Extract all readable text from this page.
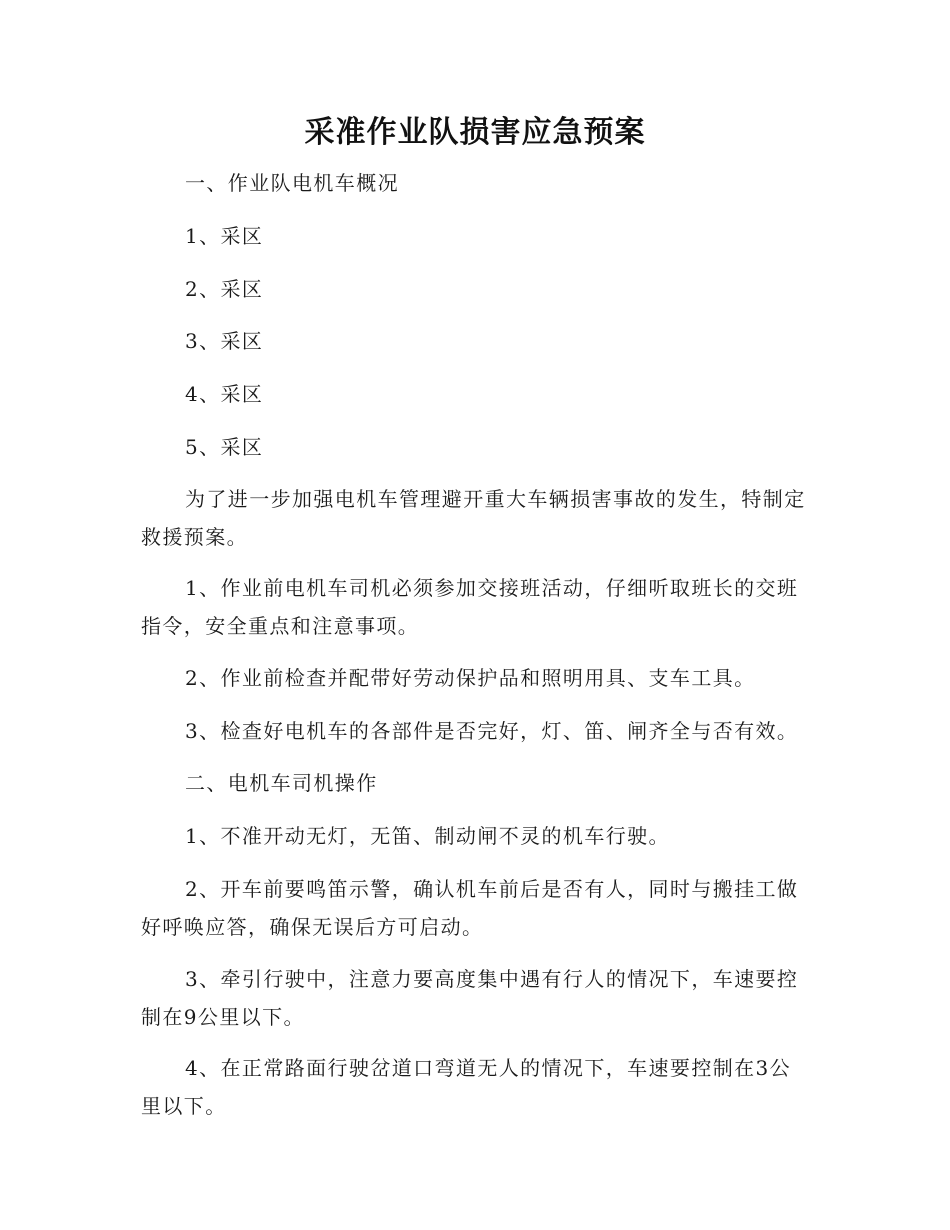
采准作业队损害应急预案

一、作业队电机车概况

1、采区

2、采区

3、采区

4、采区

5、采区

为了进一步加强电机车管理避开重大车辆损害事故的发生，特制定救援预案。

1、作业前电机车司机必须参加交接班活动，仔细听取班长的交班指令，安全重点和注意事项。

2、作业前检查并配带好劳动保护品和照明用具、支车工具。

3、检查好电机车的各部件是否完好，灯、笛、闸齐全与否有效。

二、电机车司机操作

1、不准开动无灯，无笛、制动闸不灵的机车行驶。

2、开车前要鸣笛示警，确认机车前后是否有人，同时与搬挂工做好呼唤应答，确保无误后方可启动。

3、牵引行驶中，注意力要高度集中遇有行人的情况下，车速要控制在9公里以下。

4、在正常路面行驶岔道口弯道无人的情况下，车速要控制在3公里以下。
